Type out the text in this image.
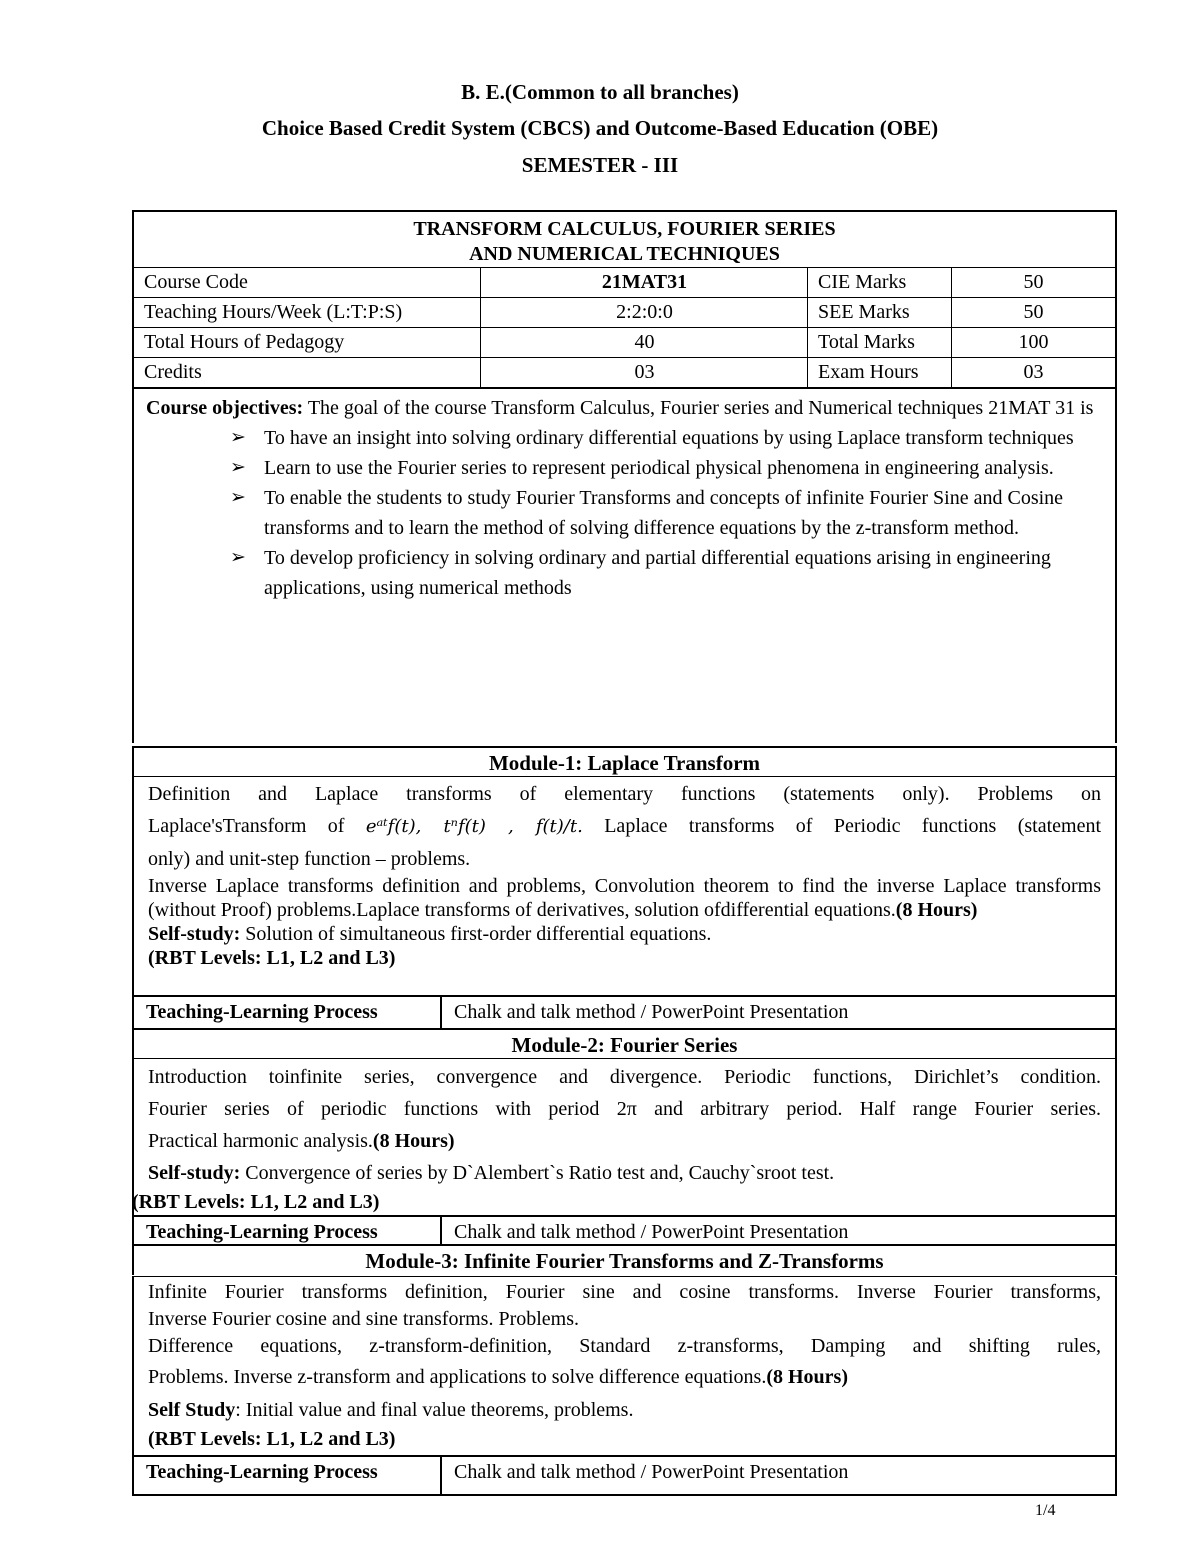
B. E.(Common to all branches)
Choice Based Credit System (CBCS) and Outcome-Based Education (OBE)
SEMESTER - III
TRANSFORM CALCULUS, FOURIER SERIES
AND NUMERICAL TECHNIQUES
Course Code	21MAT31	CIE Marks	50
Teaching Hours/Week (L:T:P:S)	2:2:0:0	SEE Marks	50
Total Hours of Pedagogy	40	Total Marks	100
Credits	03	Exam Hours	03

Course objectives: The goal of the course Transform Calculus, Fourier series and Numerical techniques 21MAT 31 is

➢ To have an insight into solving ordinary differential equations by using Laplace transform techniques
➢ Learn to use the Fourier series to represent periodical physical phenomena in engineering analysis.
➢ To enable the students to study Fourier Transforms and concepts of infinite Fourier Sine and Cosine transforms and to learn the method of solving difference equations by the z-transform method.
➢ To develop proficiency in solving ordinary and partial differential equations arising in engineering applications, using numerical methods
Module-1: Laplace Transform
Definition and Laplace transforms of elementary functions (statements only). Problems on
Laplace'sTransform of eᵃᵗf(t), tⁿf(t) , f(t)/t. Laplace transforms of Periodic functions (statement
only) and unit-step function – problems.
Inverse Laplace transforms definition and problems, Convolution theorem to find the inverse Laplace transforms (without Proof) problems.Laplace transforms of derivatives, solution ofdifferential equations.(8 Hours)
Self-study: Solution of simultaneous first-order differential equations.
(RBT Levels: L1, L2 and L3)
Teaching-Learning Process	Chalk and talk method / PowerPoint Presentation
Module-2: Fourier Series
Introduction toinfinite series, convergence and divergence. Periodic functions, Dirichlet’s condition.
Fourier series of periodic functions with period 2π and arbitrary period. Half range Fourier series.
Practical harmonic analysis.(8 Hours)
Self-study: Convergence of series by D`Alembert`s Ratio test and, Cauchy`sroot test.
(RBT Levels: L1, L2 and L3)
Teaching-Learning Process	Chalk and talk method / PowerPoint Presentation
Module-3: Infinite Fourier Transforms and Z-Transforms
Infinite Fourier transforms definition, Fourier sine and cosine transforms. Inverse Fourier transforms,
Inverse Fourier cosine and sine transforms. Problems.
Difference equations, z-transform-definition, Standard z-transforms, Damping and shifting rules,
Problems. Inverse z-transform and applications to solve difference equations.(8 Hours)
Self Study: Initial value and final value theorems, problems.
(RBT Levels: L1, L2 and L3)
Teaching-Learning Process	Chalk and talk method / PowerPoint Presentation
1/4
